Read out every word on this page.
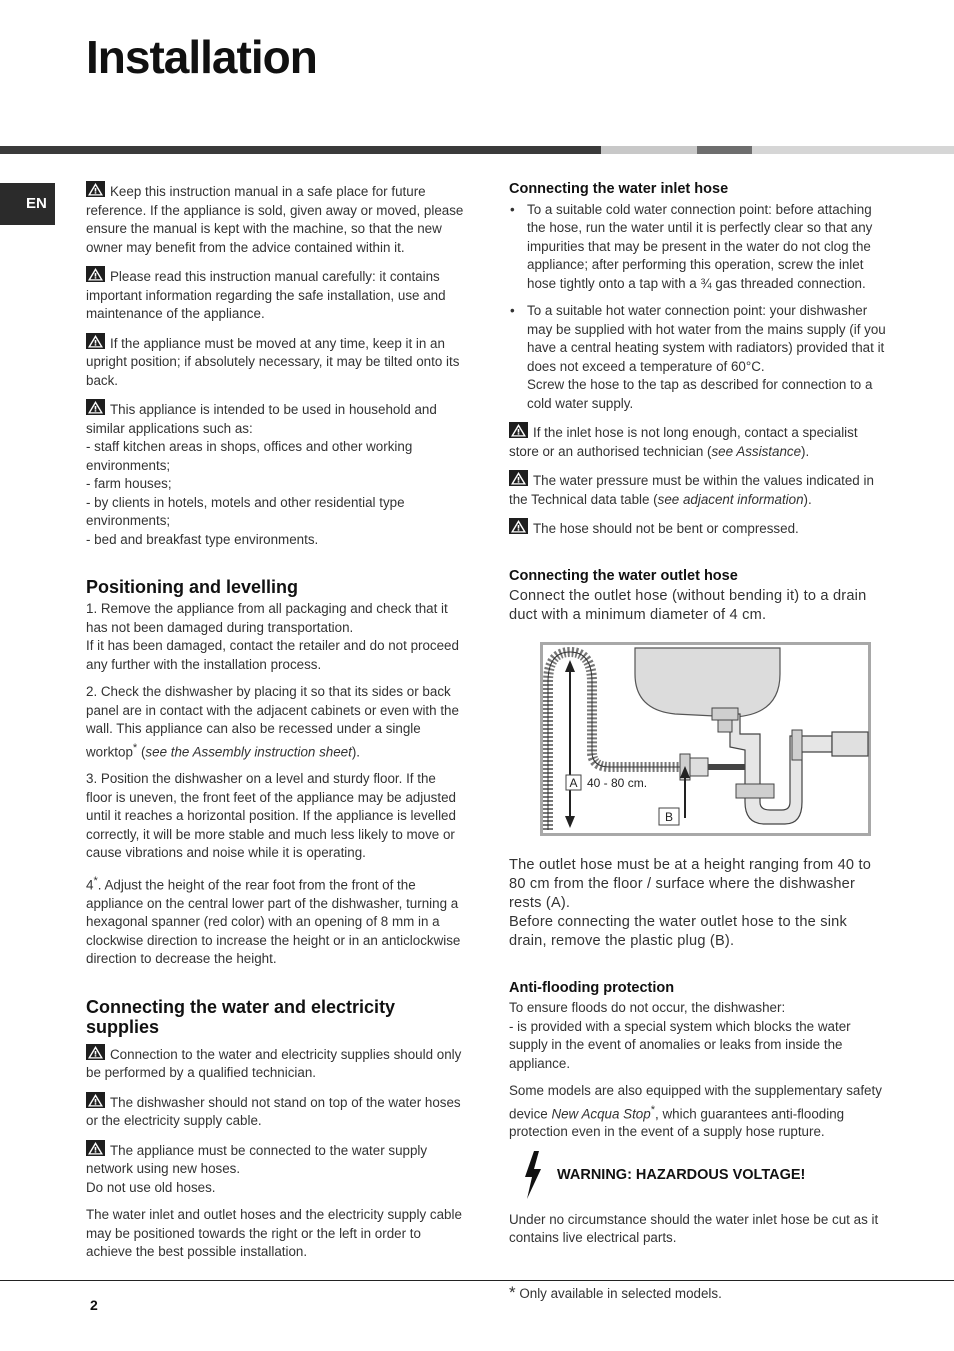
Installation
EN

Keep this instruction manual in a safe place for future reference. If the appliance is sold, given away or moved, please ensure the manual is kept with the machine, so that the new owner may benefit from the advice contained within it.

Please read this instruction manual carefully: it contains important information regarding the safe installation, use and maintenance of the appliance.

If the appliance must be moved at any time, keep it in an upright position; if absolutely necessary, it may be tilted onto its back.

This appliance is intended to be used in household and similar applications such as:
- staff kitchen areas in shops, offices and other working environments;
- farm houses;
- by clients in hotels, motels and other residential type environments;
- bed and breakfast type environments.

Positioning and levelling

1. Remove the appliance from all packaging and check that it has not been damaged during transportation.
If it has been damaged, contact the retailer and do not proceed any further with the installation process.

2. Check the dishwasher by placing it so that its sides or back panel are in contact with the adjacent cabinets or even with the wall. This appliance can also be recessed under a single worktop* (see the Assembly instruction sheet).

3. Position the dishwasher on a level and sturdy floor. If the floor is uneven, the front feet of the appliance may be adjusted until it reaches a horizontal position. If the appliance is levelled correctly, it will be more stable and much less likely to move or cause vibrations and noise while it is operating.

4*. Adjust the height of the rear foot from the front of the appliance on the central lower part of the dishwasher, turning a hexagonal spanner (red color) with an opening of 8 mm in a clockwise direction to increase the height or in an anticlockwise direction to decrease the height.

Connecting the water and electricity supplies

Connection to the water and electricity supplies should only be performed by a qualified technician.

The dishwasher should not stand on top of the water hoses or the electricity supply cable.

The appliance must be connected to the water supply network using new hoses.
Do not use old hoses.

The water inlet and outlet hoses and the electricity supply cable may be positioned towards the right or the left in order to achieve the best possible installation.

Connecting the water inlet hose
• To a suitable cold water connection point: before attaching the hose, run the water until it is perfectly clear so that any impurities that may be present in the water do not clog the appliance; after performing this operation, screw the inlet hose tightly onto a tap with a ¾ gas threaded connection.
• To a suitable hot water connection point: your dishwasher may be supplied with hot water from the mains supply (if you have a central heating system with radiators) provided that it does not exceed a temperature of 60°C.
Screw the hose to the tap as described for connection to a cold water supply.

If the inlet hose is not long enough, contact a specialist store or an authorised technician (see Assistance).

The water pressure must be within the values indicated in the Technical data table (see adjacent information).

The hose should not be bent or compressed.

Connecting the water outlet hose

Connect the outlet hose (without bending it) to a drain duct with a minimum diameter of 4 cm.

A 40 - 80 cm.
B

The outlet hose must be at a height ranging from 40 to 80 cm from the floor / surface where the dishwasher rests (A).
Before connecting the water outlet hose to the sink drain, remove the plastic plug (B).

Anti-flooding protection

To ensure floods do not occur, the dishwasher:
- is provided with a special system which blocks the water supply in the event of anomalies or leaks from inside the appliance.

Some models are also equipped with the supplementary safety device New Acqua Stop*, which guarantees anti-flooding protection even in the event of a supply hose rupture.

WARNING: HAZARDOUS VOLTAGE!

Under no circumstance should the water inlet hose be cut as it contains live electrical parts.

* Only available in selected models.

2
